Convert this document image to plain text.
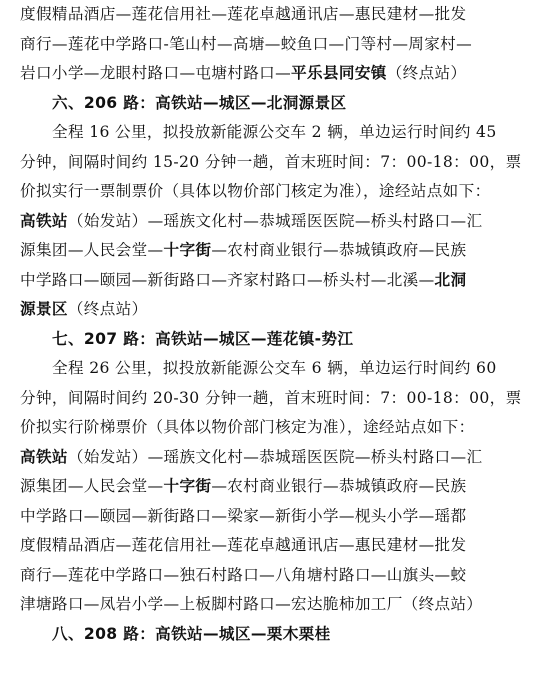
度假精品酒店—莲花信用社—莲花卓越通讯店—惠民建材—批发

商行—莲花中学路口-笔山村—高塘—蛟鱼口—门等村—周家村—

岩口小学—龙眼村路口—屯塘村路口—平乐县同安镇（终点站）

六、206 路：高铁站—城区—北洞源景区

全程 16 公里，拟投放新能源公交车 2 辆，单边运行时间约 45

分钟，间隔时间约 15-20 分钟一趟，首末班时间：7：00-18：00，票

价拟实行一票制票价（具体以物价部门核定为准），途经站点如下：

高铁站（始发站）—瑶族文化村—恭城瑶医医院—桥头村路口—汇

源集团—人民会堂—十字街—农村商业银行—恭城镇政府—民族

中学路口—颐园—新街路口—齐家村路口—桥头村—北溪—北洞

源景区（终点站）

七、207 路：高铁站—城区—莲花镇-势江

全程 26 公里，拟投放新能源公交车 6 辆，单边运行时间约 60

分钟，间隔时间约 20-30 分钟一趟，首末班时间：7：00-18：00，票

价拟实行阶梯票价（具体以物价部门核定为准），途经站点如下：

高铁站（始发站）—瑶族文化村—恭城瑶医医院—桥头村路口—汇

源集团—人民会堂—十字街—农村商业银行—恭城镇政府—民族

中学路口—颐园—新街路口—梁家—新街小学—枧头小学—瑶都

度假精品酒店—莲花信用社—莲花卓越通讯店—惠民建材—批发

商行—莲花中学路口—独石村路口—八角塘村路口—山旗头—蛟

津塘路口—凤岩小学—上板脚村路口—宏达脆柿加工厂（终点站）

八、208 路：高铁站—城区—栗木栗桂
